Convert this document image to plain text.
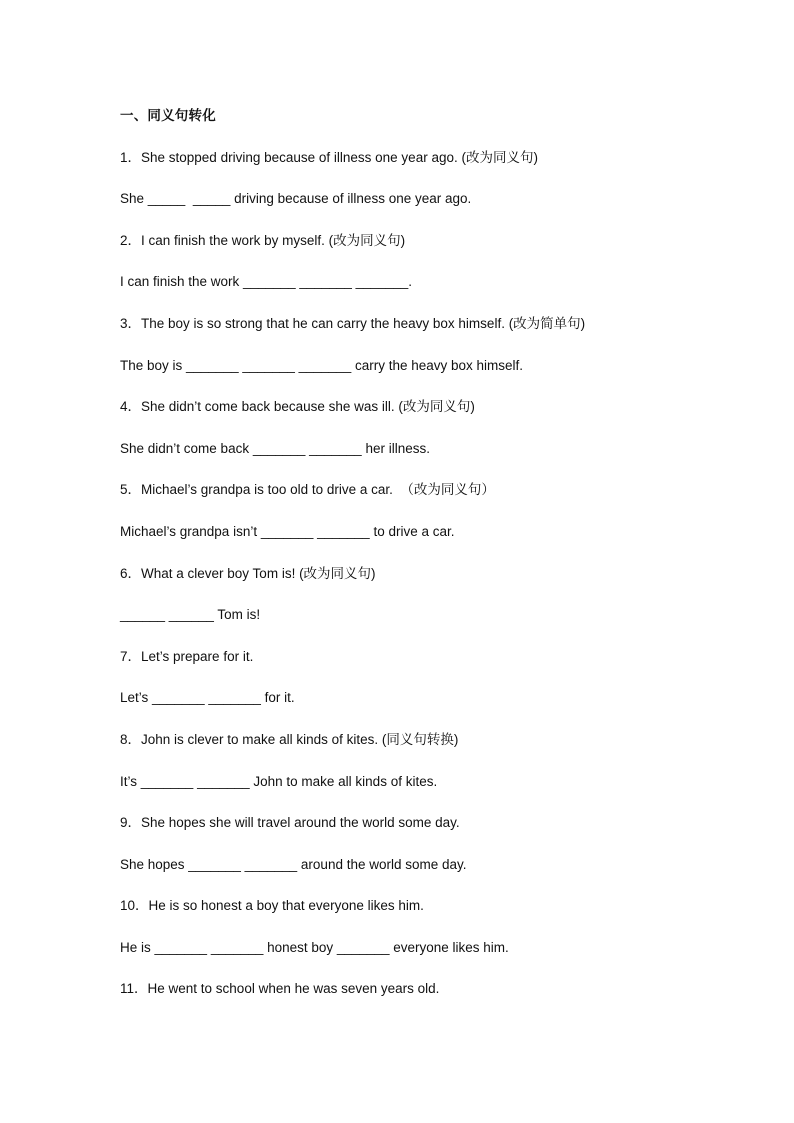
一、同义句转化
1．She stopped driving because of illness one year ago. (改为同义句)
She _____  _____ driving because of illness one year ago.
2．I can finish the work by myself. (改为同义句)
I can finish the work _______ _______ _______.
3．The boy is so strong that he can carry the heavy box himself. (改为简单句)
The boy is _______ _______ _______ carry the heavy box himself.
4．She didn’t come back because she was ill. (改为同义句)
She didn’t come back _______ _______ her illness.
5．Michael’s grandpa is too old to drive a car.  （改为同义句）
Michael’s grandpa isn’t _______ _______ to drive a car.
6．What a clever boy Tom is! (改为同义句)
______ ______ Tom is!
7．Let’s prepare for it.
Let’s _______ _______ for it.
8．John is clever to make all kinds of kites. (同义句转换)
It’s _______ _______ John to make all kinds of kites.
9．She hopes she will travel around the world some day.
She hopes _______ _______ around the world some day.
10．He is so honest a boy that everyone likes him.
He is _______ _______ honest boy _______ everyone likes him.
11．He went to school when he was seven years old.
